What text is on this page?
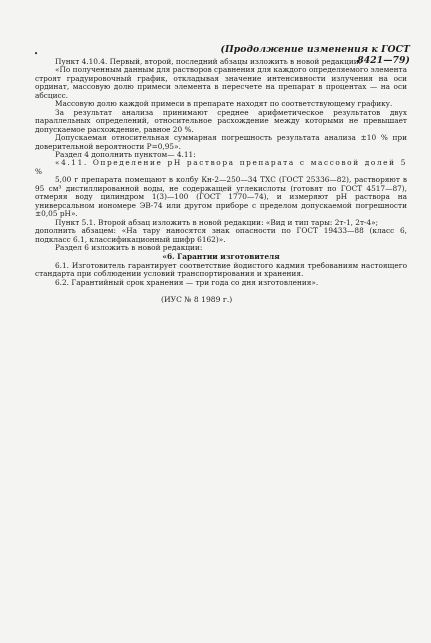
•	(Продолжение изменения к ГОСТ 8421—79)

Пункт 4.10.4. Первый, второй, последний абзацы изложить в новой редакции:

«По полученным данным для растворов сравнения для каждого определяемого элемента строят градуировочный график, откладывая значение интенсивности излучения на оси ординат, массовую долю примеси элемента в пересчете на препарат в процентах — на оси абсцисс.

Массовую долю каждой примеси в препарате находят по соответствующему графику.

За результат анализа принимают среднее арифметическое результатов двух параллельных определений, относительное расхождение между которыми не превышает допускаемое расхождение, равное 20 %.

Допускаемая относительная суммарная погрешность результата анализа ±10 % при доверительной вероятности Р=0,95».

Раздел 4 дополнить пунктом— 4.11:

«4.11. Определение pH раствора препарата с массовой долей 5 %

5,00 г препарата помещают в колбу Кн-2—250—34 ТХС (ГОСТ 25336—82), растворяют в 95 см³ дистиллированной воды, не содержащей углекислоты (готовят по ГОСТ 4517—87), отмеряя воду цилиндром 1(3)—100 (ГОСТ 1770—74), и измеряют pH раствора на универсальном иономере ЭВ-74 или другом приборе с пределом допускаемой погрешности ±0,05 pH».

Пункт 5.1. Второй абзац изложить в новой редакции: «Вид и тип тары: 2т-1, 2т-4»;

дополнить абзацем: «На тару наносятся знак опасности по ГОСТ 19433—88 (класс 6, подкласс 6.1, классификационный шифр 6162)».

Раздел 6 изложить в новой редакции:

«6. Гарантии изготовителя

6.1. Изготовитель гарантирует соответствие йодистого кадмия требованиям настоящего стандарта при соблюдении условий транспортирования и хранения.

6.2. Гарантийный срок хранения — три года со дня изготовления».

(ИУС № 8 1989 г.)
